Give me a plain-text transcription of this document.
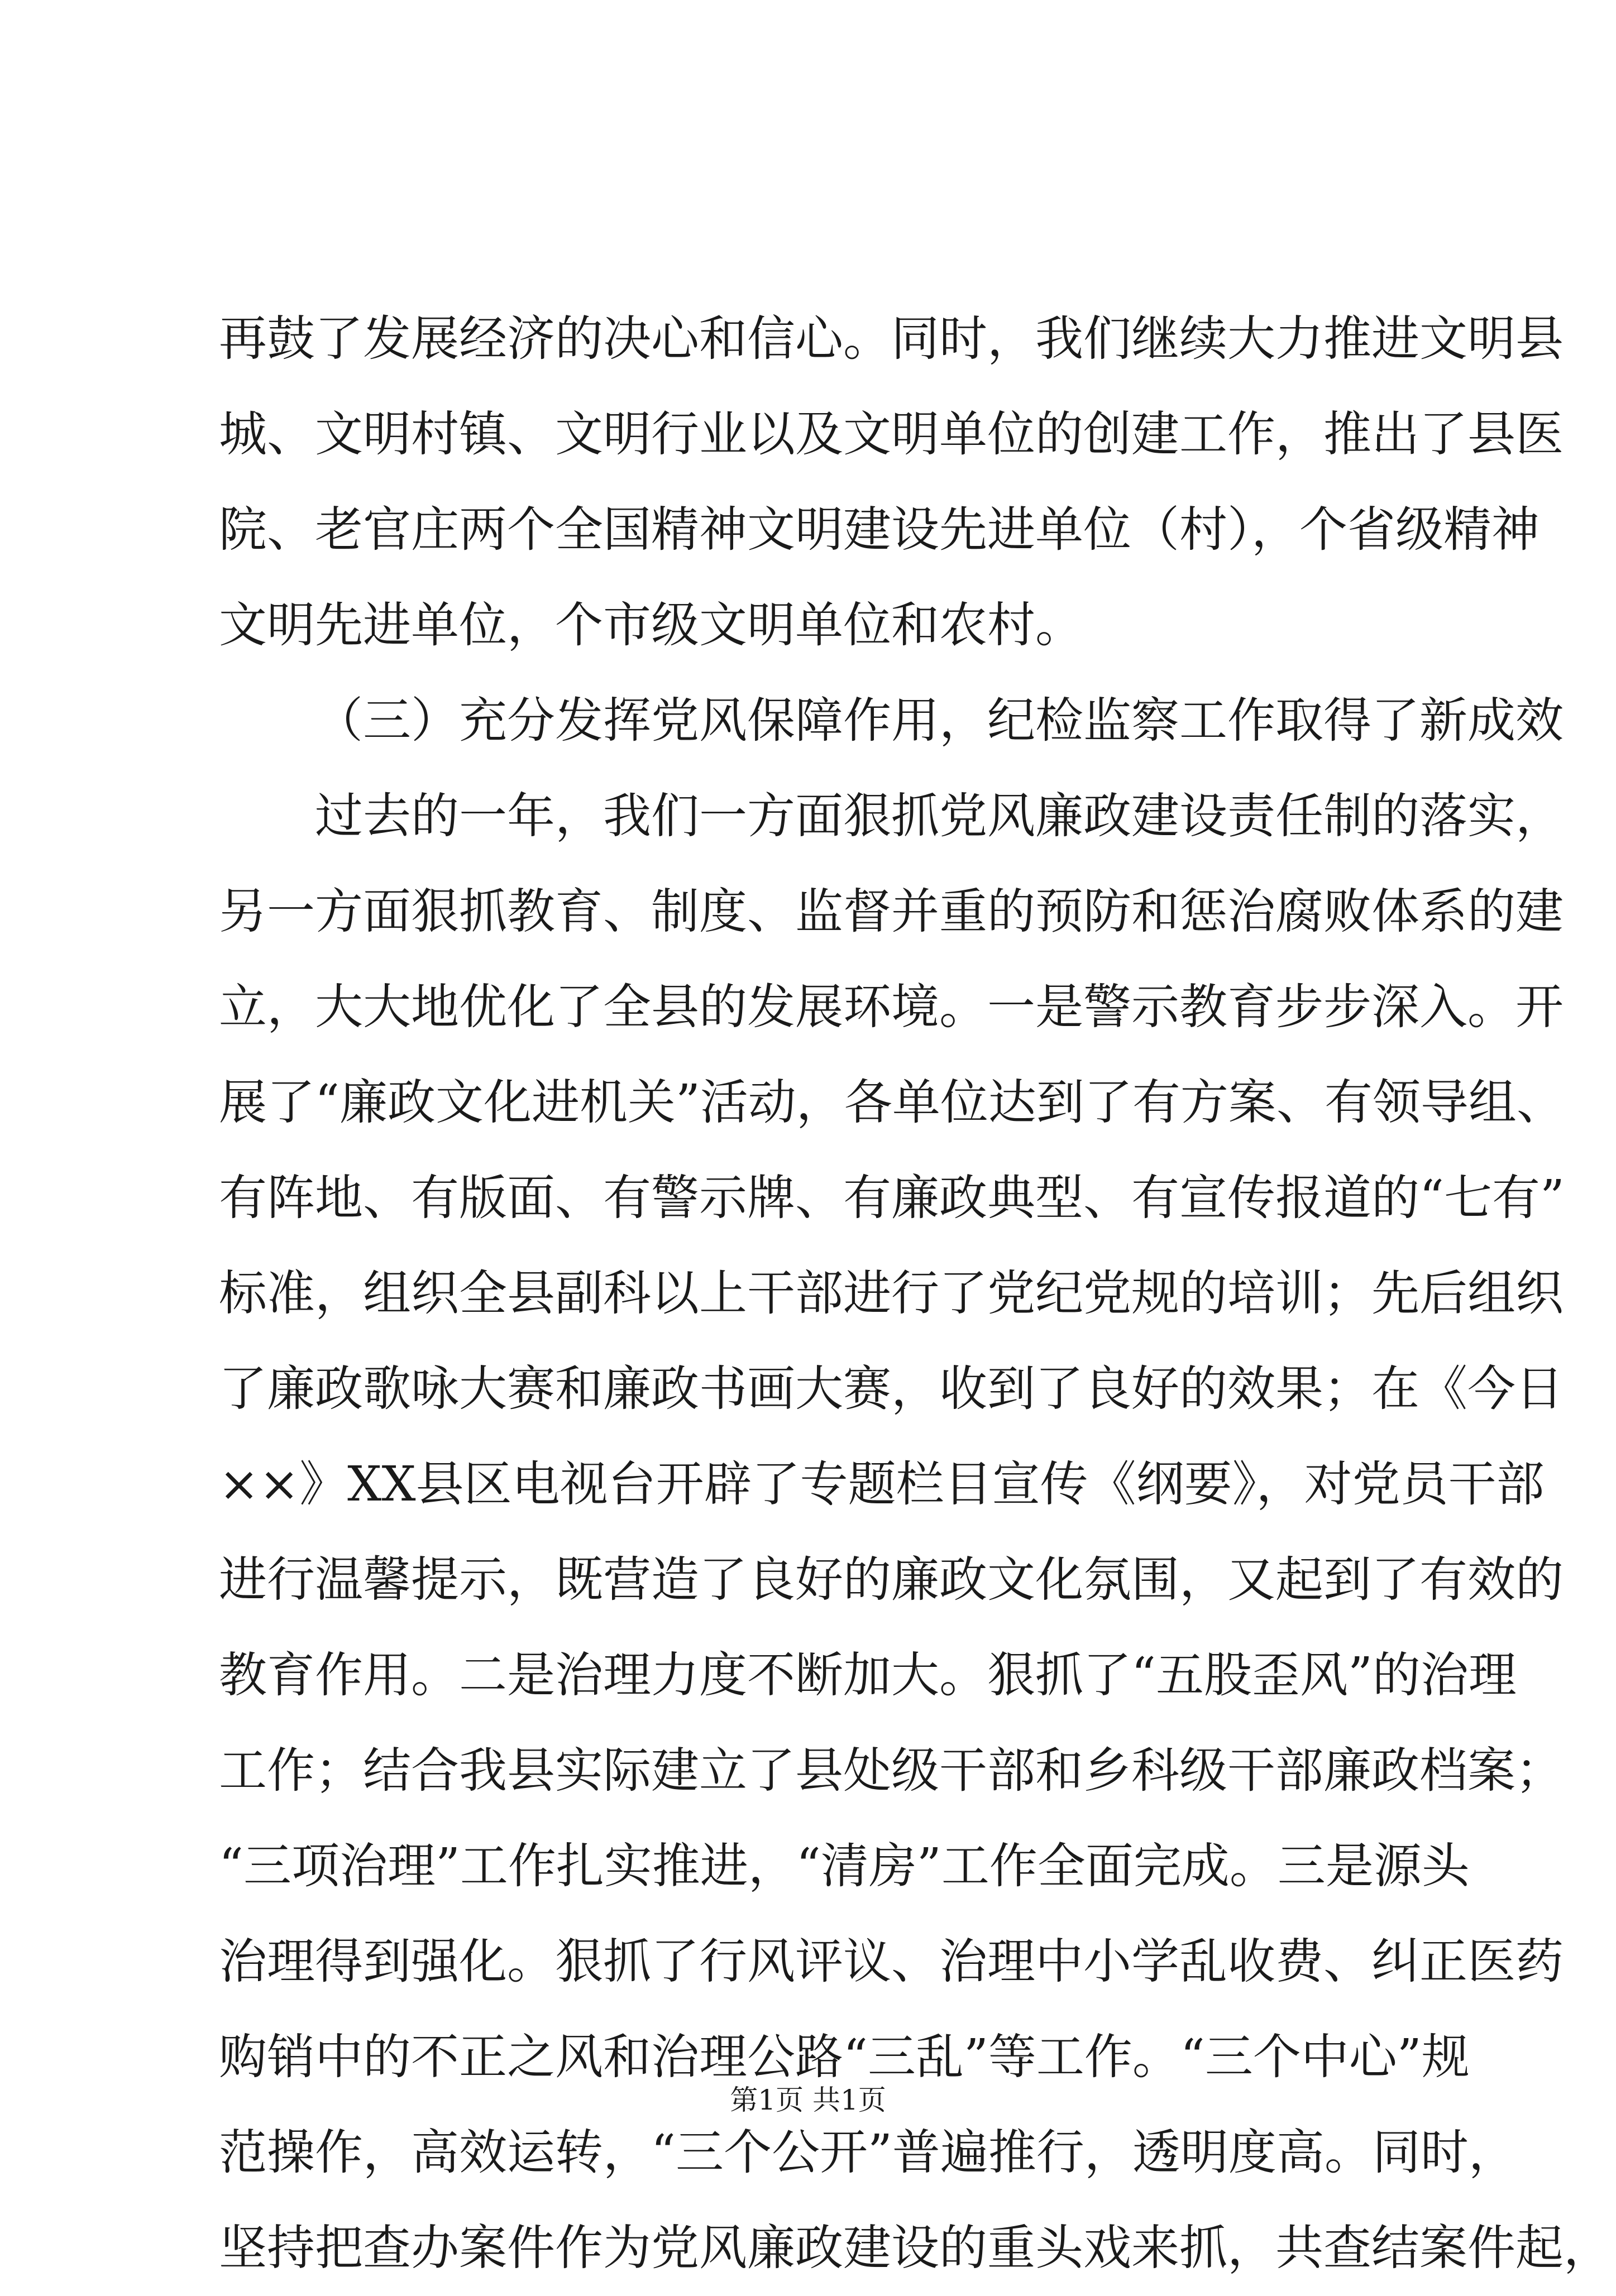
再鼓了发展经济的决心和信心。同时，我们继续大力推进文明县
城、文明村镇、文明行业以及文明单位的创建工作，推出了县医
院、老官庄两个全国精神文明建设先进单位（村），个省级精神
文明先进单位，个市级文明单位和农村。
（三）充分发挥党风保障作用，纪检监察工作取得了新成效
过去的一年，我们一方面狠抓党风廉政建设责任制的落实，
另一方面狠抓教育、制度、监督并重的预防和惩治腐败体系的建
立，大大地优化了全县的发展环境。一是警示教育步步深入。开
展了“廉政文化进机关”活动，各单位达到了有方案、有领导组、
有阵地、有版面、有警示牌、有廉政典型、有宣传报道的“七有”
标准，组织全县副科以上干部进行了党纪党规的培训；先后组织
了廉政歌咏大赛和廉政书画大赛，收到了良好的效果；在《今日
××》XX县区电视台开辟了专题栏目宣传《纲要》，对党员干部
进行温馨提示，既营造了良好的廉政文化氛围，又起到了有效的
教育作用。二是治理力度不断加大。狠抓了“五股歪风”的治理
工作；结合我县实际建立了县处级干部和乡科级干部廉政档案；
“三项治理”工作扎实推进，“清房”工作全面完成。三是源头
治理得到强化。狠抓了行风评议、治理中小学乱收费、纠正医药
购销中的不正之风和治理公路“三乱”等工作。“三个中心”规
范操作，高效运转，“三个公开”普遍推行，透明度高。同时，
坚持把查办案件作为党风廉政建设的重头戏来抓，共查结案件起，
第1页 共1页
